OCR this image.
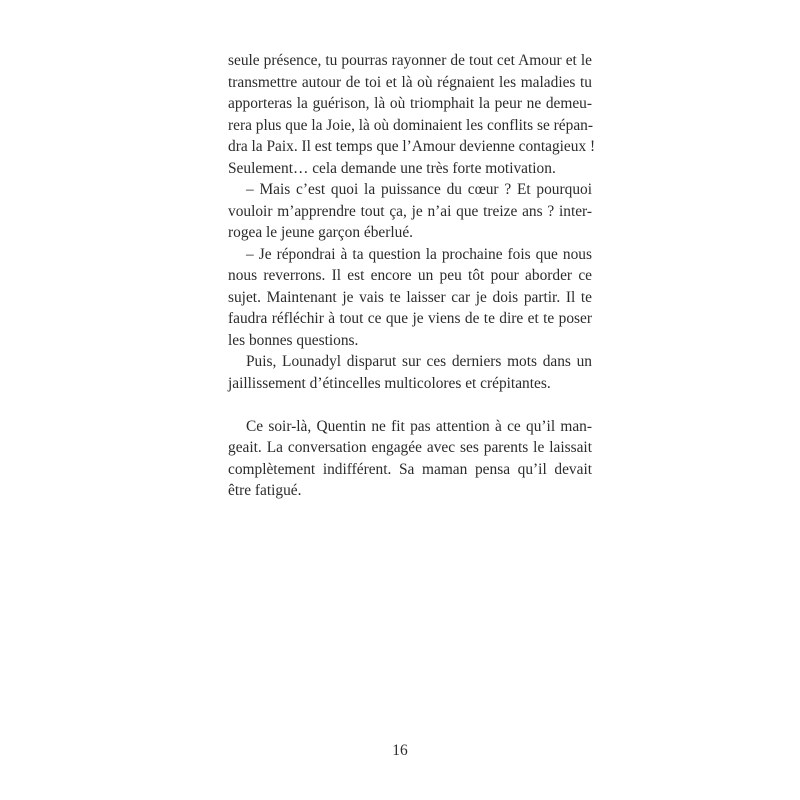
seule présence, tu pourras rayonner de tout cet Amour et le
transmettre autour de toi et là où régnaient les maladies tu
apporteras la guérison, là où triomphait la peur ne demeu-
rera plus que la Joie, là où dominaient les conflits se répan-
dra la Paix. Il est temps que l’Amour devienne contagieux !
Seulement… cela demande une très forte motivation.
– Mais c’est quoi la puissance du cœur ? Et pourquoi
vouloir m’apprendre tout ça, je n’ai que treize ans ? inter-
rogea le jeune garçon éberlué.
– Je répondrai à ta question la prochaine fois que nous
nous reverrons. Il est encore un peu tôt pour aborder ce
sujet. Maintenant je vais te laisser car je dois partir. Il te
faudra réfléchir à tout ce que je viens de te dire et te poser
les bonnes questions.
Puis, Lounadyl disparut sur ces derniers mots dans un
jaillissement d’étincelles multicolores et crépitantes.
Ce soir-là, Quentin ne fit pas attention à ce qu’il man-
geait. La conversation engagée avec ses parents le laissait
complètement indifférent. Sa maman pensa qu’il devait
être fatigué.
16
